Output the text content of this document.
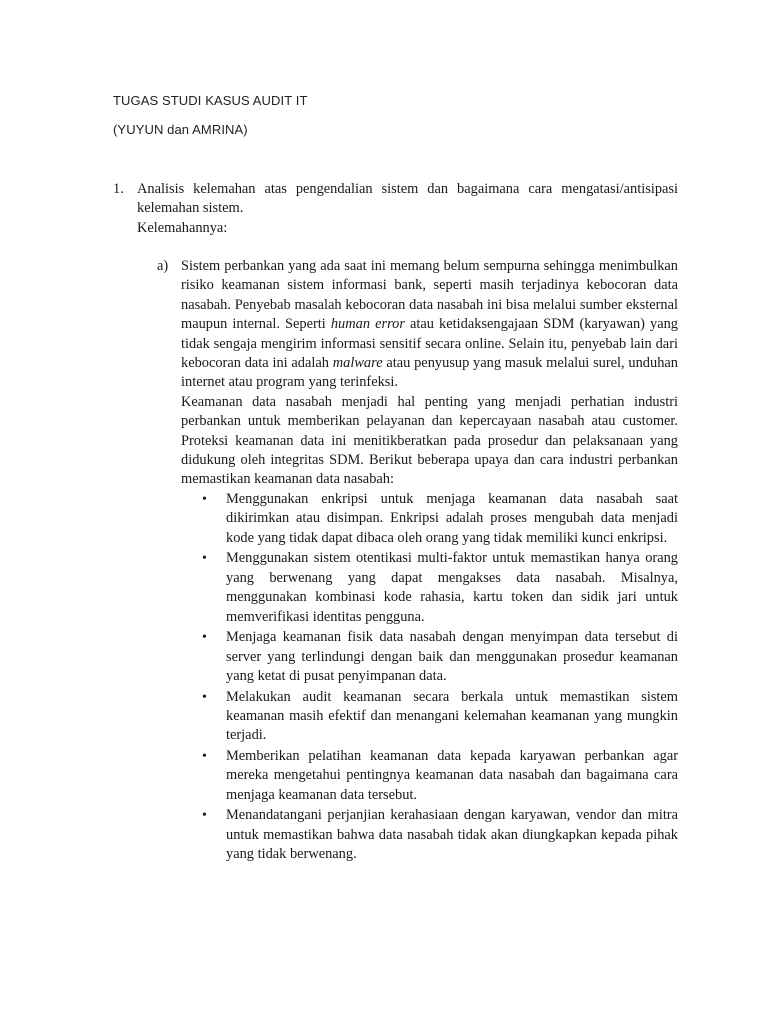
TUGAS STUDI KASUS AUDIT IT
(YUYUN dan AMRINA)
1. Analisis kelemahan atas pengendalian sistem dan bagaimana cara mengatasi/antisipasi kelemahan sistem.
Kelemahannya:
a) Sistem perbankan yang ada saat ini memang belum sempurna sehingga menimbulkan risiko keamanan sistem informasi bank, seperti masih terjadinya kebocoran data nasabah. Penyebab masalah kebocoran data nasabah ini bisa melalui sumber eksternal maupun internal. Seperti human error atau ketidaksengajaan SDM (karyawan) yang tidak sengaja mengirim informasi sensitif secara online. Selain itu, penyebab lain dari kebocoran data ini adalah malware atau penyusup yang masuk melalui surel, unduhan internet atau program yang terinfeksi.

Keamanan data nasabah menjadi hal penting yang menjadi perhatian industri perbankan untuk memberikan pelayanan dan kepercayaan nasabah atau customer. Proteksi keamanan data ini menitikberatkan pada prosedur dan pelaksanaan yang didukung oleh integritas SDM. Berikut beberapa upaya dan cara industri perbankan memastikan keamanan data nasabah:

• Menggunakan enkripsi untuk menjaga keamanan data nasabah saat dikirimkan atau disimpan. Enkripsi adalah proses mengubah data menjadi kode yang tidak dapat dibaca oleh orang yang tidak memiliki kunci enkripsi.
• Menggunakan sistem otentikasi multi-faktor untuk memastikan hanya orang yang berwenang yang dapat mengakses data nasabah. Misalnya, menggunakan kombinasi kode rahasia, kartu token dan sidik jari untuk memverifikasi identitas pengguna.
• Menjaga keamanan fisik data nasabah dengan menyimpan data tersebut di server yang terlindungi dengan baik dan menggunakan prosedur keamanan yang ketat di pusat penyimpanan data.
• Melakukan audit keamanan secara berkala untuk memastikan sistem keamanan masih efektif dan menangani kelemahan keamanan yang mungkin terjadi.
• Memberikan pelatihan keamanan data kepada karyawan perbankan agar mereka mengetahui pentingnya keamanan data nasabah dan bagaimana cara menjaga keamanan data tersebut.
• Menandatangani perjanjian kerahasiaan dengan karyawan, vendor dan mitra untuk memastikan bahwa data nasabah tidak akan diungkapkan kepada pihak yang tidak berwenang.
